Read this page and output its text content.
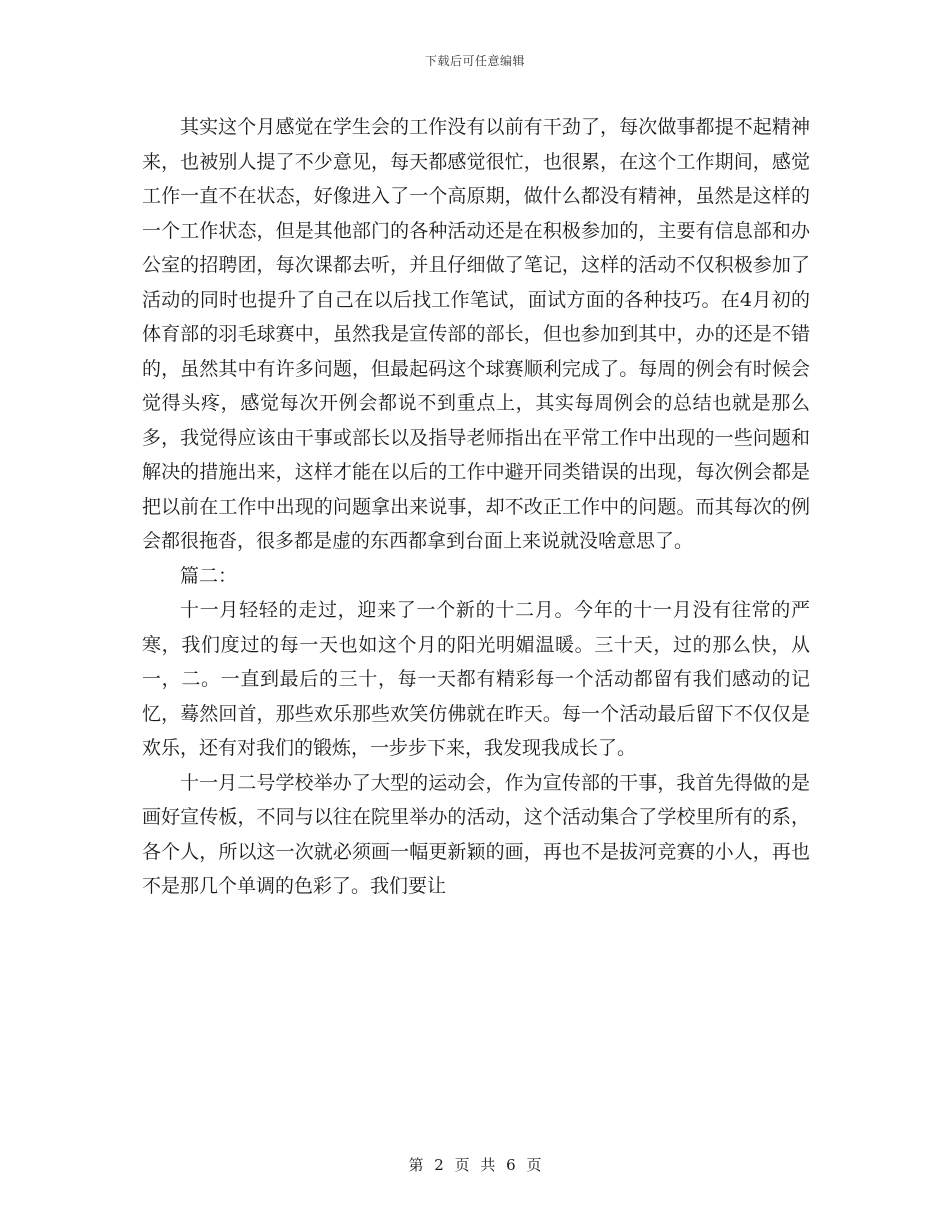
下载后可任意编辑

其实这个月感觉在学生会的工作没有以前有干劲了，每次做事都提不起精神来，也被别人提了不少意见，每天都感觉很忙，也很累，在这个工作期间，感觉工作一直不在状态，好像进入了一个高原期，做什么都没有精神，虽然是这样的一个工作状态，但是其他部门的各种活动还是在积极参加的，主要有信息部和办公室的招聘团，每次课都去听，并且仔细做了笔记，这样的活动不仅积极参加了活动的同时也提升了自己在以后找工作笔试，面试方面的各种技巧。在4月初的体育部的羽毛球赛中，虽然我是宣传部的部长，但也参加到其中，办的还是不错的，虽然其中有许多问题，但最起码这个球赛顺利完成了。每周的例会有时候会觉得头疼，感觉每次开例会都说不到重点上，其实每周例会的总结也就是那么多，我觉得应该由干事或部长以及指导老师指出在平常工作中出现的一些问题和解决的措施出来，这样才能在以后的工作中避开同类错误的出现，每次例会都是把以前在工作中出现的问题拿出来说事，却不改正工作中的问题。而其每次的例会都很拖沓，很多都是虚的东西都拿到台面上来说就没啥意思了。

篇二：

十一月轻轻的走过，迎来了一个新的十二月。今年的十一月没有往常的严寒，我们度过的每一天也如这个月的阳光明媚温暖。三十天，过的那么快，从一，二。一直到最后的三十，每一天都有精彩每一个活动都留有我们感动的记忆，蓦然回首，那些欢乐那些欢笑仿佛就在昨天。每一个活动最后留下不仅仅是欢乐，还有对我们的锻炼，一步步下来，我发现我成长了。

十一月二号学校举办了大型的运动会，作为宣传部的干事，我首先得做的是画好宣传板，不同与以往在院里举办的活动，这个活动集合了学校里所有的系，各个人，所以这一次就必须画一幅更新颖的画，再也不是拔河竞赛的小人，再也不是那几个单调的色彩了。我们要让

第 2 页 共 6 页
